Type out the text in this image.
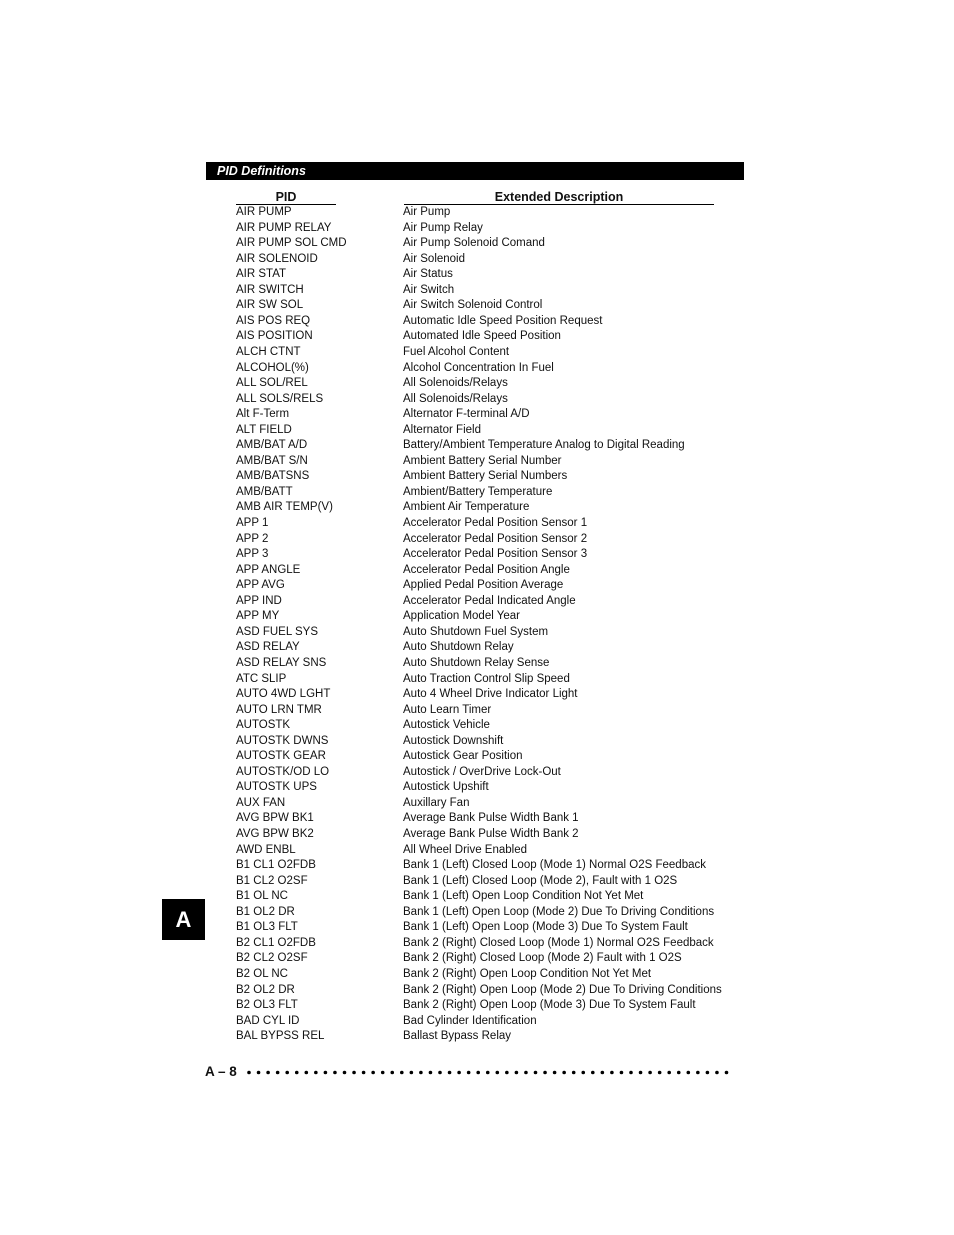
PID Definitions
PID	Extended Description
AIR PUMP	Air Pump
AIR PUMP RELAY	Air Pump Relay
AIR PUMP SOL CMD	Air Pump Solenoid Comand
AIR SOLENOID	Air Solenoid
AIR STAT	Air Status
AIR SWITCH	Air Switch
AIR SW SOL	Air Switch Solenoid Control
AIS POS REQ	Automatic Idle Speed Position Request
AIS POSITION	Automated Idle Speed Position
ALCH CTNT	Fuel Alcohol Content
ALCOHOL(%)	Alcohol Concentration In Fuel
ALL SOL/REL	All Solenoids/Relays
ALL SOLS/RELS	All Solenoids/Relays
Alt F-Term	Alternator F-terminal A/D
ALT FIELD	Alternator Field
AMB/BAT A/D	Battery/Ambient Temperature Analog to Digital Reading
AMB/BAT S/N	Ambient Battery Serial Number
AMB/BATSNS	Ambient Battery Serial Numbers
AMB/BATT	Ambient/Battery Temperature
AMB AIR TEMP(V)	Ambient Air Temperature
APP 1	Accelerator Pedal Position Sensor 1
APP 2	Accelerator Pedal Position Sensor 2
APP 3	Accelerator Pedal Position Sensor 3
APP ANGLE	Accelerator Pedal Position Angle
APP AVG	Applied Pedal Position Average
APP IND	Accelerator Pedal Indicated Angle
APP MY	Application Model Year
ASD FUEL SYS	Auto Shutdown Fuel System
ASD RELAY	Auto Shutdown Relay
ASD RELAY SNS	Auto Shutdown Relay Sense
ATC SLIP	Auto Traction Control Slip Speed
AUTO 4WD LGHT	Auto 4 Wheel Drive Indicator Light
AUTO LRN TMR	Auto Learn Timer
AUTOSTK	Autostick Vehicle
AUTOSTK DWNS	Autostick Downshift
AUTOSTK GEAR	Autostick Gear Position
AUTOSTK/OD LO	Autostick / OverDrive Lock-Out
AUTOSTK UPS	Autostick Upshift
AUX FAN	Auxillary Fan
AVG BPW BK1	Average Bank Pulse Width Bank 1
AVG BPW BK2	Average Bank Pulse Width Bank 2
AWD ENBL	All Wheel Drive Enabled
B1 CL1 O2FDB	Bank 1 (Left) Closed Loop (Mode 1) Normal O2S Feedback
B1 CL2 O2SF	Bank 1 (Left) Closed Loop (Mode 2), Fault with 1 O2S
B1 OL NC	Bank 1 (Left) Open Loop Condition Not Yet Met
B1 OL2 DR	Bank 1 (Left) Open Loop (Mode 2) Due To Driving Conditions
B1 OL3 FLT	Bank 1 (Left) Open Loop (Mode 3) Due To System Fault
B2 CL1 O2FDB	Bank 2 (Right) Closed Loop (Mode 1) Normal O2S Feedback
B2 CL2 O2SF	Bank 2 (Right) Closed Loop (Mode 2) Fault with 1 O2S
B2 OL NC	Bank 2 (Right) Open Loop Condition Not Yet Met
B2 OL2 DR	Bank 2 (Right) Open Loop (Mode 2) Due To Driving Conditions
B2 OL3 FLT	Bank 2 (Right) Open Loop (Mode 3) Due To System Fault
BAD CYL ID	Bad Cylinder Identification
BAL BYPSS REL	Ballast Bypass Relay
A
A – 8
